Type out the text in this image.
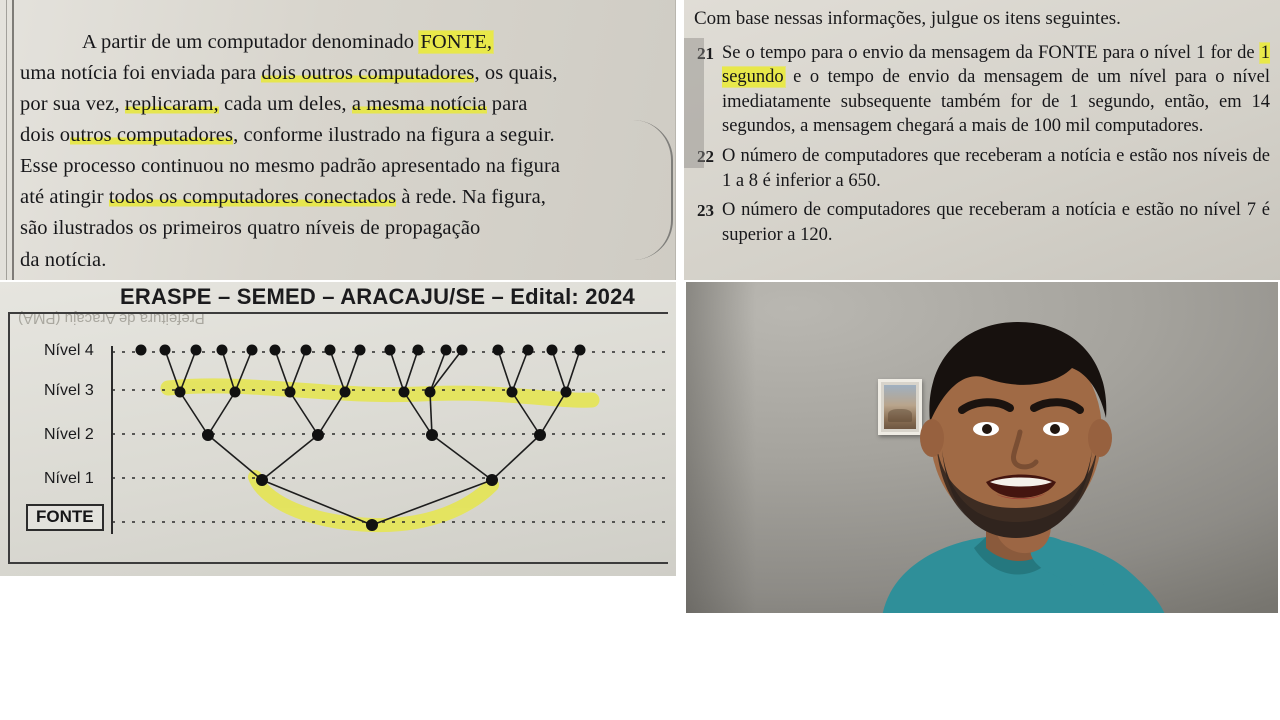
A partir de um computador denominado FONTE,
uma notícia foi enviada para dois outros computadores, os quais,
por sua vez, replicaram, cada um deles, a mesma notícia para
dois outros computadores, conforme ilustrado na figura a seguir.
Esse processo continuou no mesmo padrão apresentado na figura
até atingir todos os computadores conectados à rede. Na figura,
são ilustrados os primeiros quatro níveis de propagação
da notícia.

Com base nessas informações, julgue os itens seguintes.
21 Se o tempo para o envio da mensagem da FONTE para o nível 1 for de 1 segundo e o tempo de envio da mensagem de um nível para o nível imediatamente subsequente também for de 1 segundo, então, em 14 segundos, a mensagem chegará a mais de 100 mil computadores.
22 O número de computadores que receberam a notícia e estão nos níveis de 1 a 8 é inferior a 650.
23 O número de computadores que receberam a notícia e estão no nível 7 é superior a 120.
ERASPE – SEMED – ARACAJU/SE – Edital: 2024
Prefeitura de Aracaju (PMA)
Nível 4
Nível 3
Nível 2
Nível 1
FONTE
